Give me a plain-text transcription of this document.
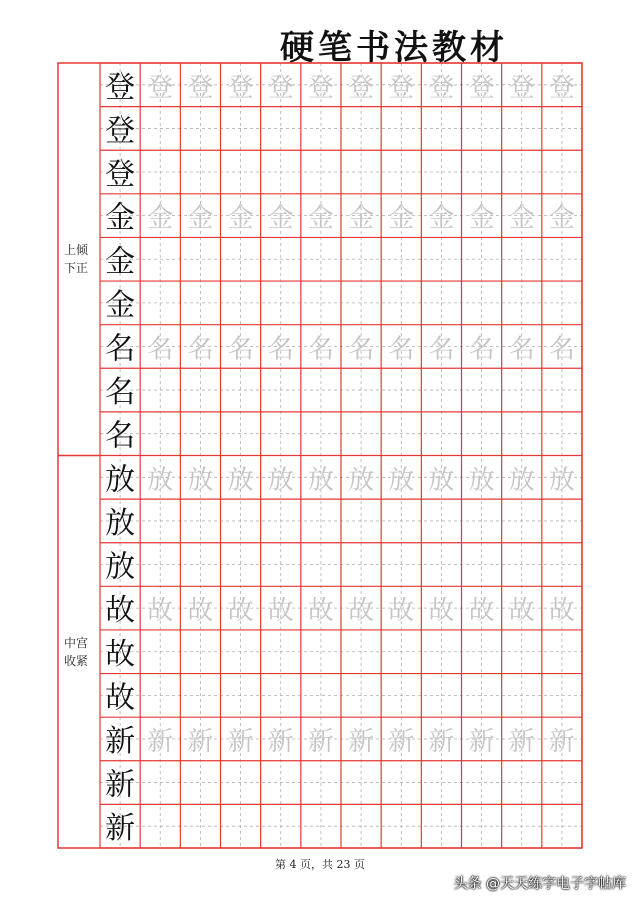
硬笔书法教材
登 登 登 登 登 登 登 登 登 登 登 登
登
登
金 金 金 金 金 金 金 金 金 金 金 金
金
金
名 名 名 名 名 名 名 名 名 名 名 名
名
名
放 放 放 放 放 放 放 放 放 放 放 放
放
放
故 故 故 故 故 故 故 故 故 故 故 故
故
故
新 新 新 新 新 新 新 新 新 新 新 新
新
新
上倾
下正
中宫
收紧
第 4 页，共 23 页
头条 @天天练字电子字帖库
